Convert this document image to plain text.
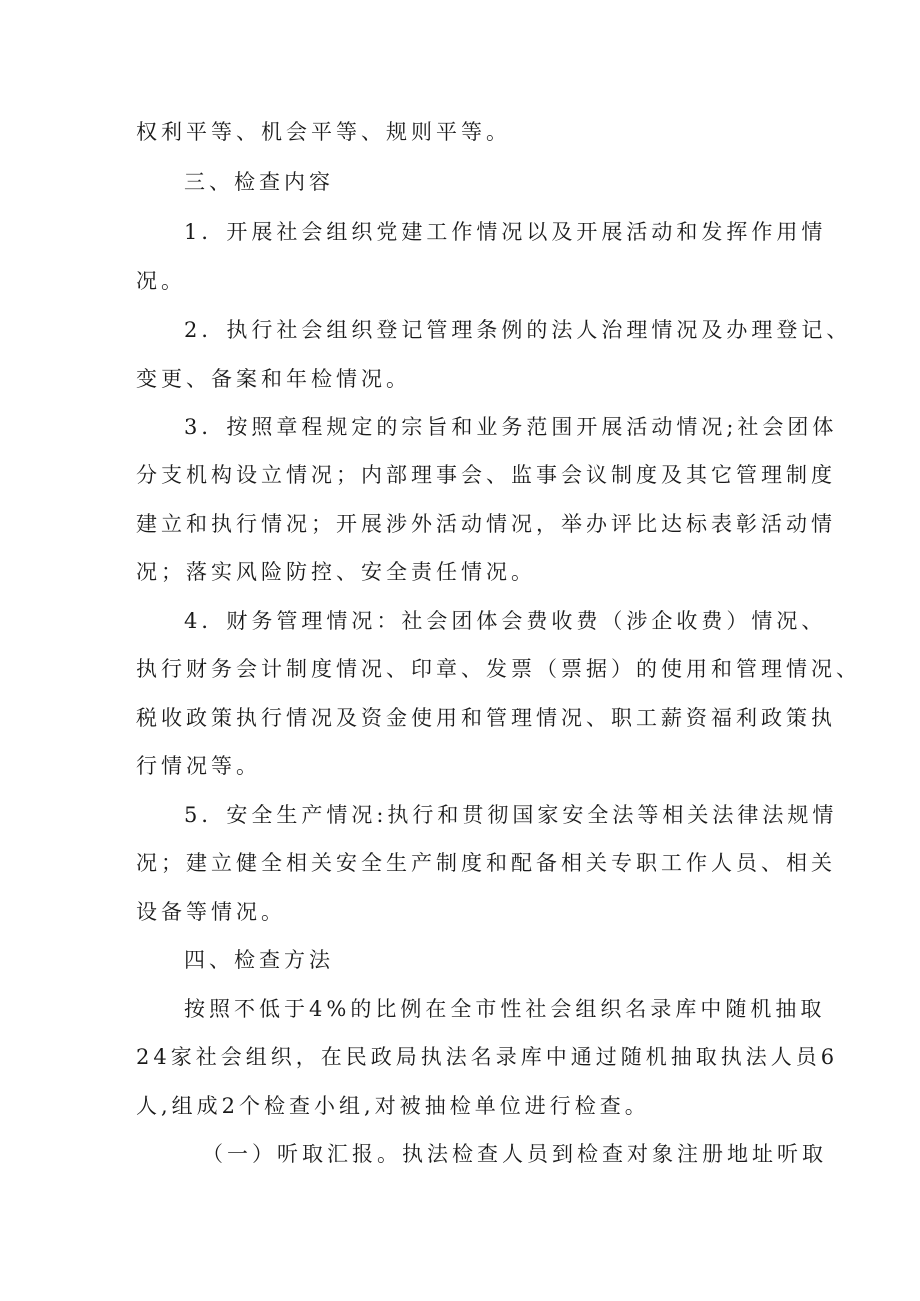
权利平等、机会平等、规则平等。
三、检查内容
1．开展社会组织党建工作情况以及开展活动和发挥作用情
况。
2．执行社会组织登记管理条例的法人治理情况及办理登记、
变更、备案和年检情况。
3．按照章程规定的宗旨和业务范围开展活动情况;社会团体
分支机构设立情况；内部理事会、监事会议制度及其它管理制度
建立和执行情况；开展涉外活动情况，举办评比达标表彰活动情
况；落实风险防控、安全责任情况。
4．财务管理情况：社会团体会费收费（涉企收费）情况、
执行财务会计制度情况、印章、发票（票据）的使用和管理情况、
税收政策执行情况及资金使用和管理情况、职工薪资福利政策执
行情况等。
5．安全生产情况:执行和贯彻国家安全法等相关法律法规情
况；建立健全相关安全生产制度和配备相关专职工作人员、相关
设备等情况。
四、检查方法
按照不低于4%的比例在全市性社会组织名录库中随机抽取
24家社会组织，在民政局执法名录库中通过随机抽取执法人员6
人,组成2个检查小组,对被抽检单位进行检查。
（一）听取汇报。执法检查人员到检查对象注册地址听取
